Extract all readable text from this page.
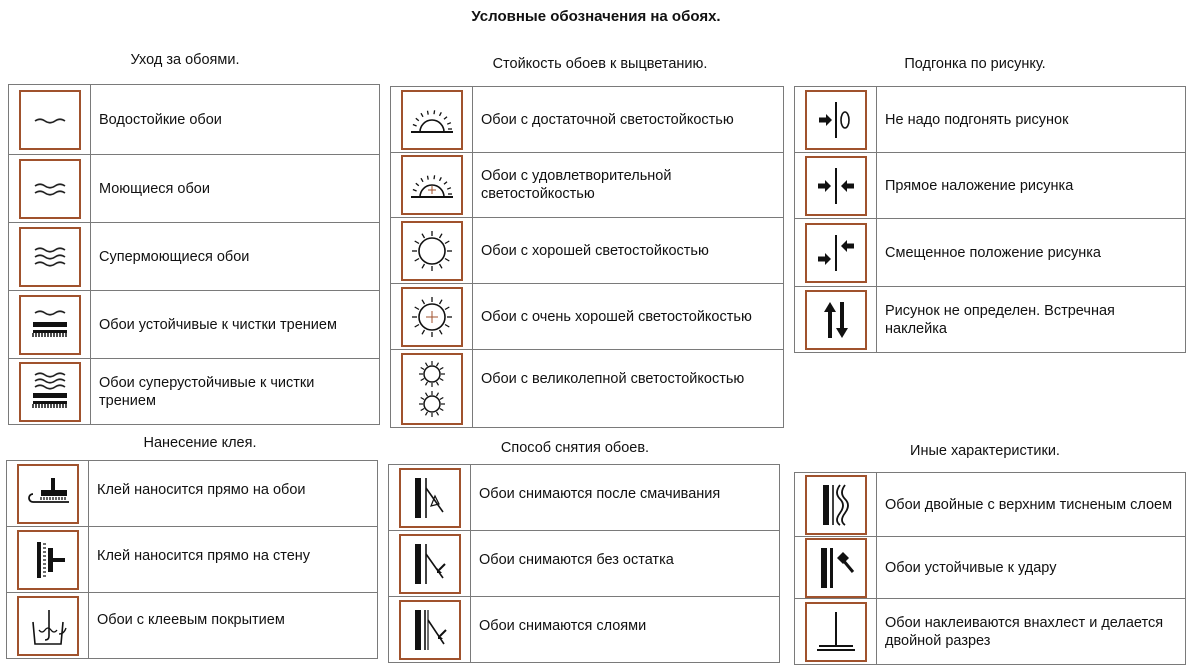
Условные обозначения на обоях.
Уход за обоями.
	Водостойкие обои

	Моющиеся обои

	Супермоющиеся обои

	Обои устойчивые к чистки трением

	Обои суперустойчивые к чистки трением
Стойкость обоев к выцветанию.
	Обои с достаточной светостойкостью

	Обои с удовлетворительной светостойкостью

	Обои с хорошей светостойкостью

	Обои с очень хорошей светостойкостью

	Обои с великолепной светостойкостью
Подгонка по рисунку.
	Не надо подгонять рисунок

	Прямое наложение рисунка

	Смещенное положение рисунка

	Рисунок не определен. Встречная наклейка
Нанесение клея.
	Клей наносится прямо на обои

	Клей наносится прямо на стену

	Обои с клеевым покрытием
Способ снятия обоев.
	Обои снимаются после смачивания

	Обои снимаются без остатка

	Обои снимаются слоями
Иные характеристики.
	Обои двойные с верхним тисненым слоем

	Обои устойчивые к удару

	Обои наклеиваются внахлест и делается двойной разрез
